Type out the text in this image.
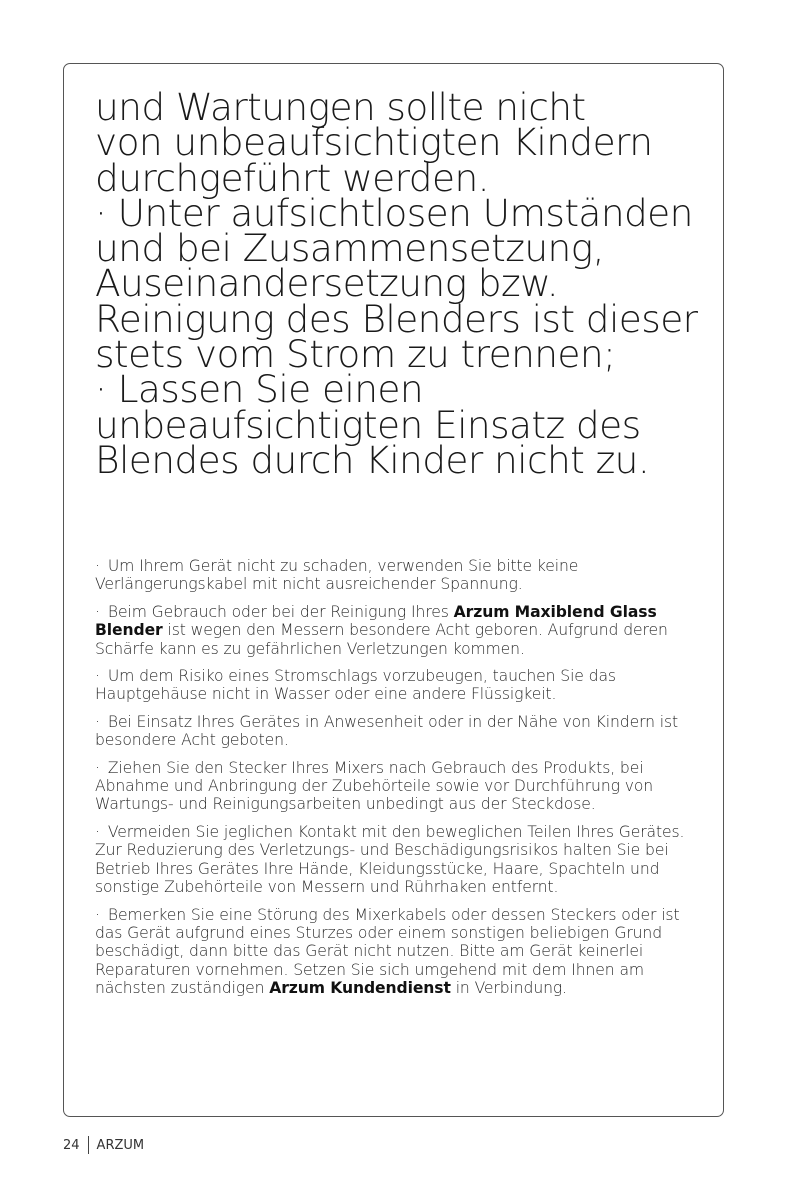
und Wartungen sollte nicht

von unbeaufsichtigten Kindern

durchgeführt werden.

· Unter aufsichtlosen Umständen

und bei Zusammensetzung,

Auseinandersetzung bzw.

Reinigung des Blenders ist dieser

stets vom Strom zu trennen;

· Lassen Sie einen

unbeaufsichtigten Einsatz des

Blendes durch Kinder nicht zu.

· Um Ihrem Gerät nicht zu schaden, verwenden Sie bitte keine Verlängerungskabel mit nicht ausreichender Spannung.

· Beim Gebrauch oder bei der Reinigung Ihres Arzum Maxiblend Glass Blender ist wegen den Messern besondere Acht geboren. Aufgrund deren Schärfe kann es zu gefährlichen Verletzungen kommen.

· Um dem Risiko eines Stromschlags vorzubeugen, tauchen Sie das Hauptgehäuse nicht in Wasser oder eine andere Flüssigkeit.

· Bei Einsatz Ihres Gerätes in Anwesenheit oder in der Nähe von Kindern ist besondere Acht geboten.

· Ziehen Sie den Stecker Ihres Mixers nach Gebrauch des Produkts, bei Abnahme und Anbringung der Zubehörteile sowie vor Durchführung von Wartungs- und Reinigungsarbeiten unbedingt aus der Steckdose.

· Vermeiden Sie jeglichen Kontakt mit den beweglichen Teilen Ihres Gerätes. Zur Reduzierung des Verletzungs- und Beschädigungsrisikos halten Sie bei Betrieb Ihres Gerätes Ihre Hände, Kleidungsstücke, Haare, Spachteln und sonstige Zubehörteile von Messern und Rührhaken entfernt.

· Bemerken Sie eine Störung des Mixerkabels oder dessen Steckers oder ist das Gerät aufgrund eines Sturzes oder einem sonstigen beliebigen Grund beschädigt, dann bitte das Gerät nicht nutzen. Bitte am Gerät keinerlei Reparaturen vornehmen. Setzen Sie sich umgehend mit dem Ihnen am nächsten zuständigen Arzum Kundendienst in Verbindung.

24 ARZUM
